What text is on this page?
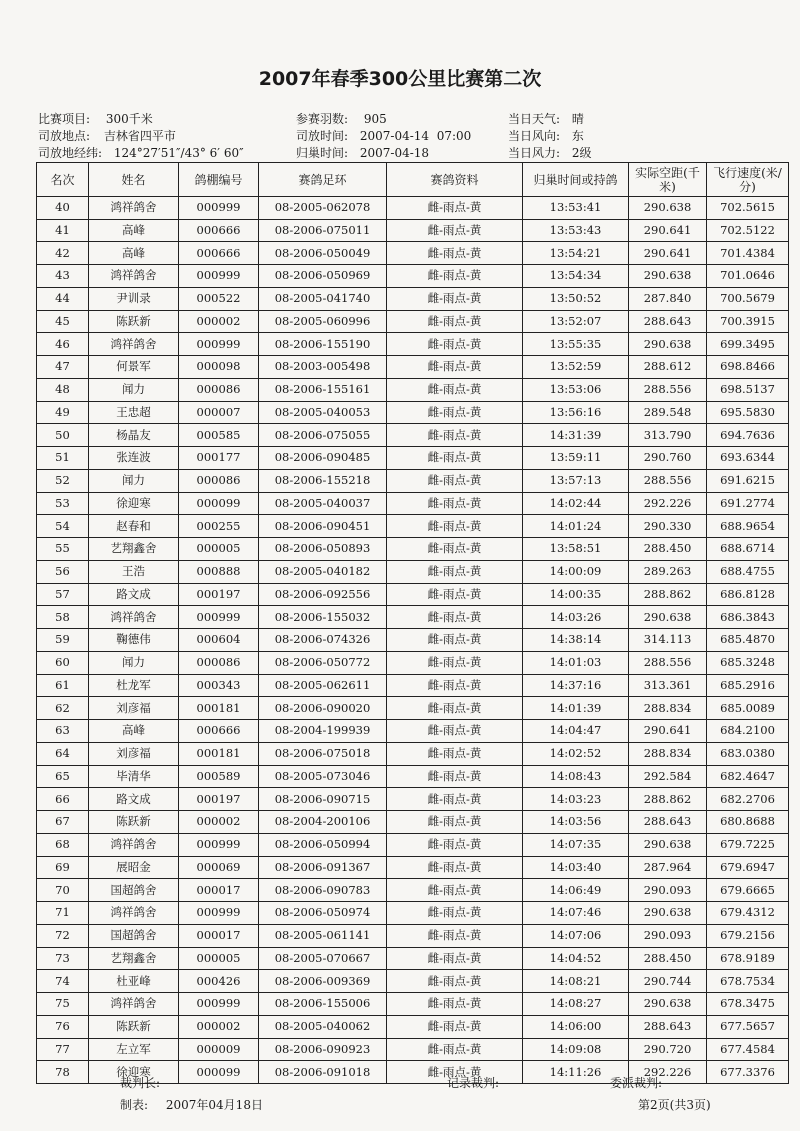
2007年春季300公里比赛第二次
比赛项目: 300千米	参赛羽数: 905	当日天气: 晴
司放地点: 吉林省四平市	司放时间: 2007-04-14  07:00	当日风向: 东
司放地经纬: 124°27′51″/43° 6′ 60″	归巢时间: 2007-04-18	当日风力: 2级
名次	姓名	鸽棚编号	赛鸽足环	赛鸽资料	归巢时间或持鸽	实际空距(千米)	飞行速度(米/分)
40	鸿祥鸽舍	000999	08-2005-062078	雌-雨点-黄	13:53:41	290.638	702.5615
41	高峰	000666	08-2006-075011	雌-雨点-黄	13:53:43	290.641	702.5122
42	高峰	000666	08-2006-050049	雌-雨点-黄	13:54:21	290.641	701.4384
43	鸿祥鸽舍	000999	08-2006-050969	雌-雨点-黄	13:54:34	290.638	701.0646
44	尹训录	000522	08-2005-041740	雌-雨点-黄	13:50:52	287.840	700.5679
45	陈跃新	000002	08-2005-060996	雌-雨点-黄	13:52:07	288.643	700.3915
46	鸿祥鸽舍	000999	08-2006-155190	雌-雨点-黄	13:55:35	290.638	699.3495
47	何景军	000098	08-2003-005498	雌-雨点-黄	13:52:59	288.612	698.8466
48	闻力	000086	08-2006-155161	雌-雨点-黄	13:53:06	288.556	698.5137
49	王忠超	000007	08-2005-040053	雌-雨点-黄	13:56:16	289.548	695.5830
50	杨晶友	000585	08-2006-075055	雌-雨点-黄	14:31:39	313.790	694.7636
51	张连波	000177	08-2006-090485	雌-雨点-黄	13:59:11	290.760	693.6344
52	闻力	000086	08-2006-155218	雌-雨点-黄	13:57:13	288.556	691.6215
53	徐迎寒	000099	08-2005-040037	雌-雨点-黄	14:02:44	292.226	691.2774
54	赵春和	000255	08-2006-090451	雌-雨点-黄	14:01:24	290.330	688.9654
55	艺翔鑫舍	000005	08-2006-050893	雌-雨点-黄	13:58:51	288.450	688.6714
56	王浩	000888	08-2005-040182	雌-雨点-黄	14:00:09	289.263	688.4755
57	路文成	000197	08-2006-092556	雌-雨点-黄	14:00:35	288.862	686.8128
58	鸿祥鸽舍	000999	08-2006-155032	雌-雨点-黄	14:03:26	290.638	686.3843
59	鞠德伟	000604	08-2006-074326	雌-雨点-黄	14:38:14	314.113	685.4870
60	闻力	000086	08-2006-050772	雌-雨点-黄	14:01:03	288.556	685.3248
61	杜龙军	000343	08-2005-062611	雌-雨点-黄	14:37:16	313.361	685.2916
62	刘彦福	000181	08-2006-090020	雌-雨点-黄	14:01:39	288.834	685.0089
63	高峰	000666	08-2004-199939	雌-雨点-黄	14:04:47	290.641	684.2100
64	刘彦福	000181	08-2006-075018	雌-雨点-黄	14:02:52	288.834	683.0380
65	毕清华	000589	08-2005-073046	雌-雨点-黄	14:08:43	292.584	682.4647
66	路文成	000197	08-2006-090715	雌-雨点-黄	14:03:23	288.862	682.2706
67	陈跃新	000002	08-2004-200106	雌-雨点-黄	14:03:56	288.643	680.8688
68	鸿祥鸽舍	000999	08-2006-050994	雌-雨点-黄	14:07:35	290.638	679.7225
69	展昭金	000069	08-2006-091367	雌-雨点-黄	14:03:40	287.964	679.6947
70	国超鸽舍	000017	08-2006-090783	雌-雨点-黄	14:06:49	290.093	679.6665
71	鸿祥鸽舍	000999	08-2006-050974	雌-雨点-黄	14:07:46	290.638	679.4312
72	国超鸽舍	000017	08-2005-061141	雌-雨点-黄	14:07:06	290.093	679.2156
73	艺翔鑫舍	000005	08-2005-070667	雌-雨点-黄	14:04:52	288.450	678.9189
74	杜亚峰	000426	08-2006-009369	雌-雨点-黄	14:08:21	290.744	678.7534
75	鸿祥鸽舍	000999	08-2006-155006	雌-雨点-黄	14:08:27	290.638	678.3475
76	陈跃新	000002	08-2005-040062	雌-雨点-黄	14:06:00	288.643	677.5657
77	左立军	000009	08-2006-090923	雌-雨点-黄	14:09:08	290.720	677.4584
78	徐迎寒	000099	08-2006-091018	雌-雨点-黄	14:11:26	292.226	677.3376
裁判长:	记录裁判:	委派裁判:
制表: 2007年04月18日	第2页(共3页)
